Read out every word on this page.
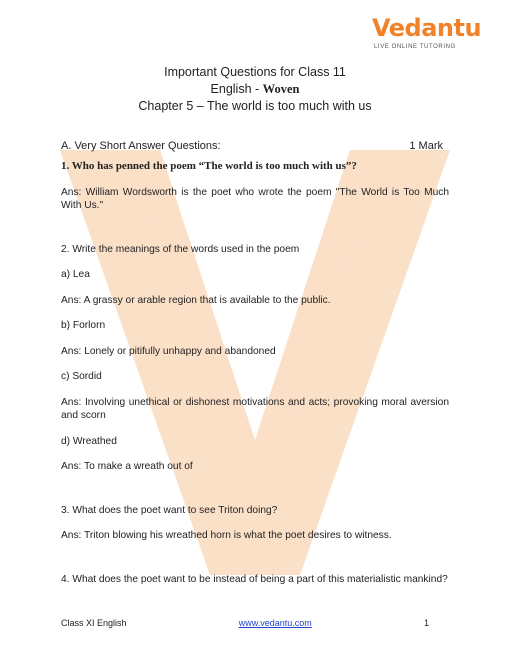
Vedantu
LIVE ONLINE TUTORING
Important Questions for Class 11
English - Woven
Chapter 5 – The world is too much with us
A. Very Short Answer Questions:	1 Mark

1. Who has penned the poem “The world is too much with us”?

Ans: William Wordsworth is the poet who wrote the poem "The World is Too Much With Us."

2. Write the meanings of the words used in the poem

a) Lea

Ans: A grassy or arable region that is available to the public.

b) Forlorn

Ans: Lonely or pitifully unhappy and abandoned

c) Sordid

Ans: Involving unethical or dishonest motivations and acts; provoking moral aversion and scorn

d) Wreathed

Ans: To make a wreath out of

3. What does the poet want to see Triton doing?

Ans: Triton blowing his wreathed horn is what the poet desires to witness.

4. What does the poet want to be instead of being a part of this materialistic mankind?

Class XI English	www.vedantu.com	1
